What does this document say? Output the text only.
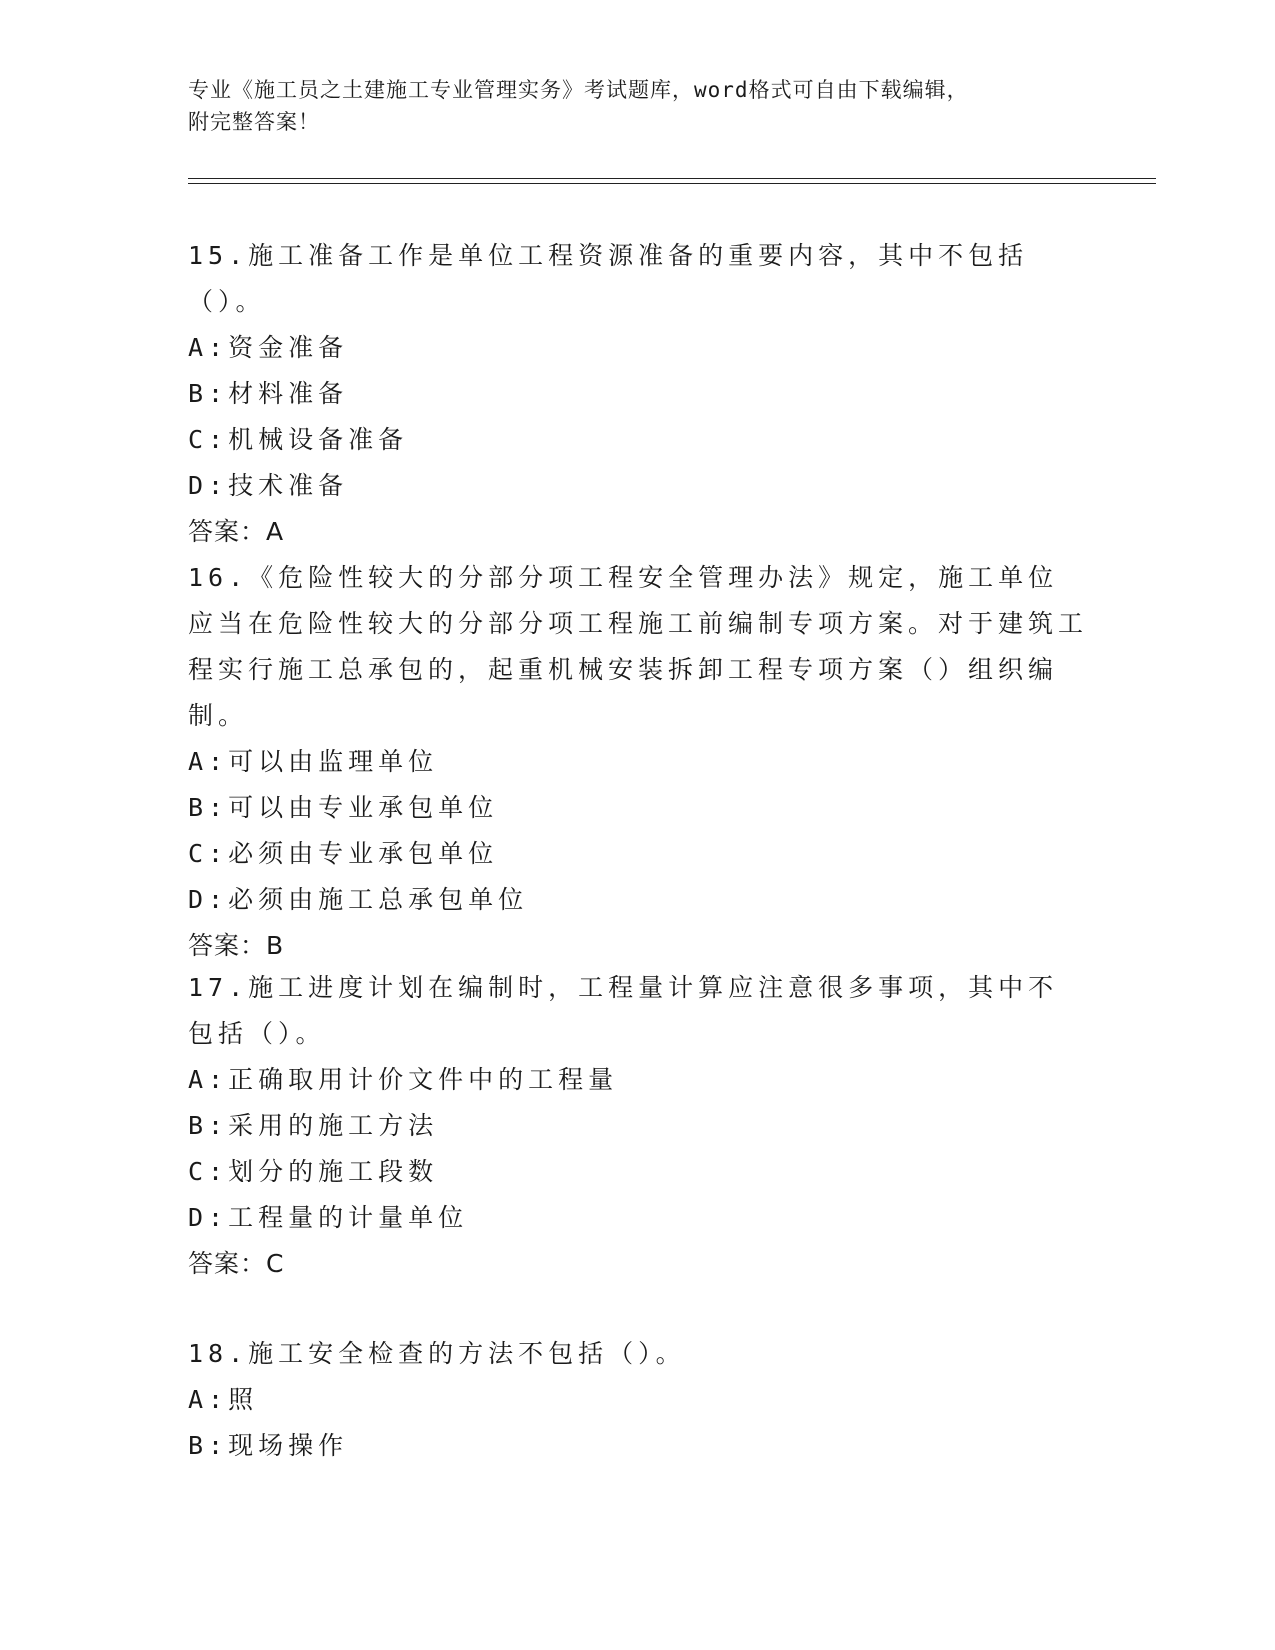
专业《施工员之土建施工专业管理实务》考试题库，word格式可自由下载编辑，
附完整答案！

15.施工准备工作是单位工程资源准备的重要内容，其中不包括（）。

A:资金准备

B:材料准备

C:机械设备准备

D:技术准备

答案：A

16.《危险性较大的分部分项工程安全管理办法》规定，施工单位应当在危险性较大的分部分项工程施工前编制专项方案。对于建筑工程实行施工总承包的，起重机械安装拆卸工程专项方案（）组织编制。

A:可以由监理单位

B:可以由专业承包单位

C:必须由专业承包单位

D:必须由施工总承包单位

答案：B

17.施工进度计划在编制时，工程量计算应注意很多事项，其中不包括（）。

A:正确取用计价文件中的工程量

B:采用的施工方法

C:划分的施工段数

D:工程量的计量单位

答案：C

18.施工安全检查的方法不包括（）。

A:照

B:现场操作
